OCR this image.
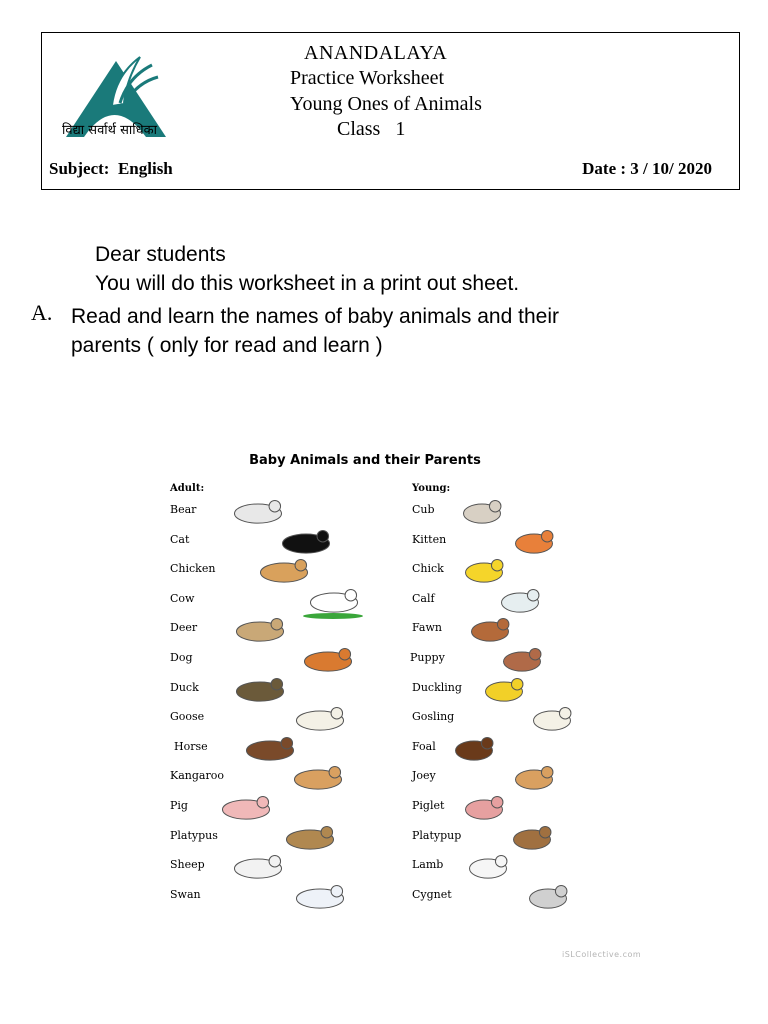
विद्या सर्वार्थ साधिका
ANANDALAYA
Practice Worksheet
Young Ones of Animals
Class 1
Subject: English	Date : 3 / 10/ 2020
Dear students
You will do this worksheet in a print out sheet.
A. Read and learn the names of baby animals and their parents ( only for read and learn )
Baby Animals and their Parents
Adult:	Young:
Bear	Cub
Cat	Kitten
Chicken	Chick
Cow	Calf
Deer	Fawn
Dog	Puppy
Duck	Duckling
Goose	Gosling
Horse	Foal
Kangaroo	Joey
Pig	Piglet
Platypus	Platypup
Sheep	Lamb
Swan	Cygnet
iSLCollective.com
